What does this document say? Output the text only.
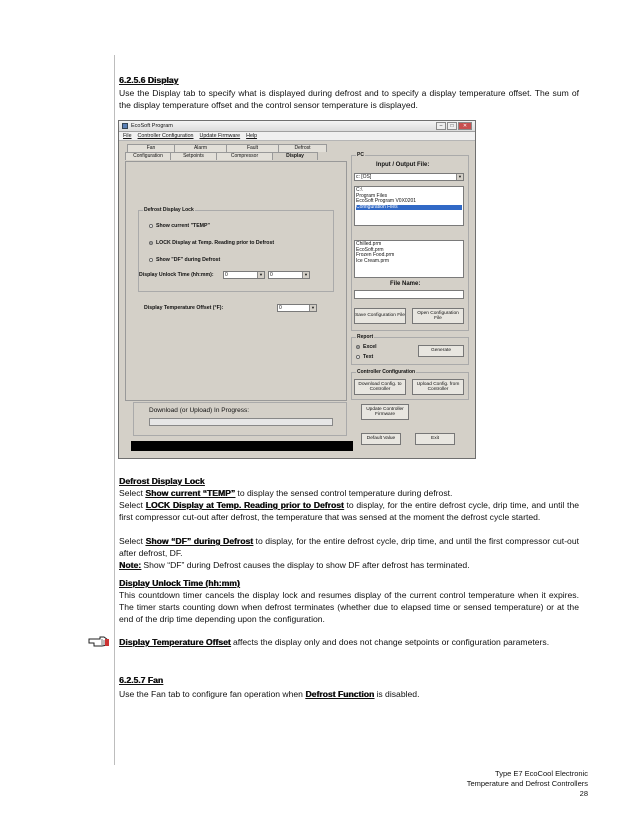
6.2.5.6 Display
Use the Display tab to specify what is displayed during defrost and to specify a display temperature offset. The sum of the display temperature offset and the control sensor temperature is displayed.
EcoSoft Program	–	□	✕
File Controller Configuration Update Firmware Help
Fan	Alarm	Fault	Defrost
Configuration	Setpoints	Compressor	Display
Defrost Display Lock
Show current "TEMP"
LOCK Display at Temp. Reading prior to Defrost
Show "DF" during Defrost
Display Unlock Time (hh:mm):	0	▼	0	▼
Display Temperature Offset (°F):	0	▼
Download (or Upload) In Progress:
PC
Input / Output File:
c: [OS]	▼
C:\
Program Files
EcoSoft Program V0X0201
Configuration Files
Chilled.prm
EcoSoft.prm
Frozen Food.prm
Ice Cream.prm
File Name:
Save Configuration File
Open Configuration File
Report
Excel
Text
Generate
Controller Configuration
Download Config. to Controller
Upload Config. from Controller
Update Controller Firmware
Default Value	Exit
Defrost Display Lock
Select Show current “TEMP” to display the sensed control temperature during defrost.
Select LOCK Display at Temp. Reading prior to Defrost to display, for the entire defrost cycle, drip time, and until the first compressor cut-out after defrost, the temperature that was sensed at the moment the defrost cycle started.
Select Show “DF” during Defrost to display, for the entire defrost cycle, drip time, and until the first compressor cut-out after defrost, DF.
Note: Show “DF” during Defrost causes the display to show DF after defrost has terminated.
Display Unlock Time (hh:mm)
This countdown timer cancels the display lock and resumes display of the current control temperature when it expires. The timer starts counting down when defrost terminates (whether due to elapsed time or sensed temperature) or at the end of the drip time depending upon the configuration.
Display Temperature Offset affects the display only and does not change setpoints or configuration parameters.
6.2.5.7 Fan
Use the Fan tab to configure fan operation when Defrost Function is disabled.
Type E7 EcoCool Electronic
Temperature and Defrost Controllers
28
